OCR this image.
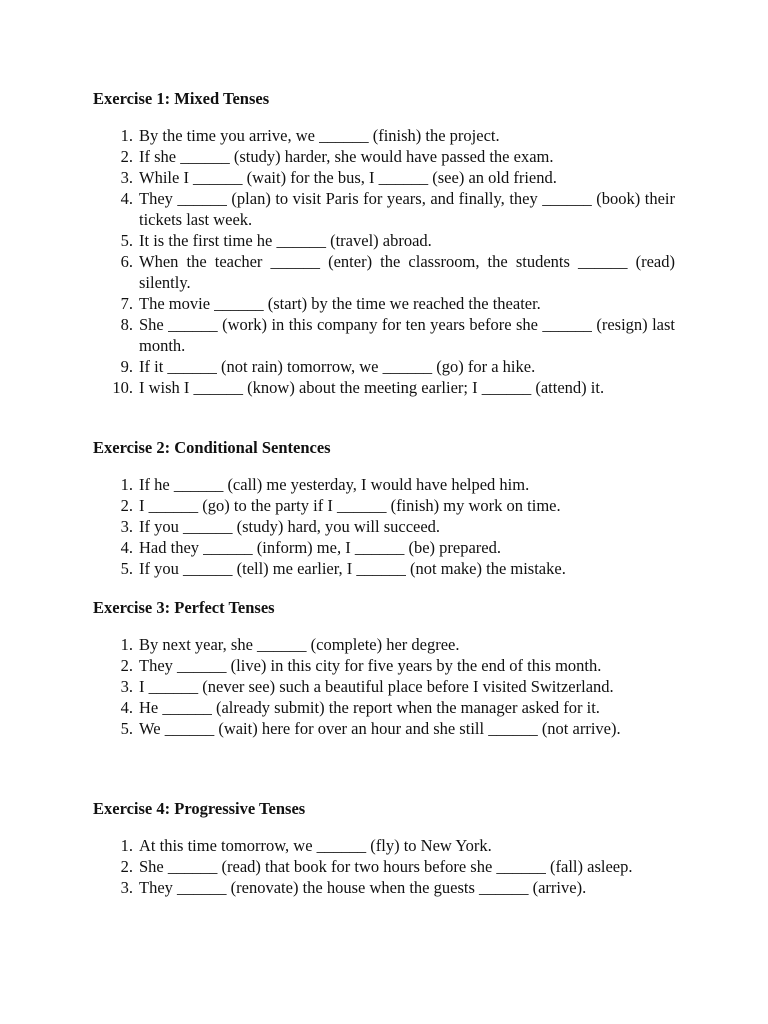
Exercise 1: Mixed Tenses
1. By the time you arrive, we ______ (finish) the project.
2. If she ______ (study) harder, she would have passed the exam.
3. While I ______ (wait) for the bus, I ______ (see) an old friend.
4. They ______ (plan) to visit Paris for years, and finally, they ______ (book) their tickets last week.
5. It is the first time he ______ (travel) abroad.
6. When the teacher ______ (enter) the classroom, the students ______ (read) silently.
7. The movie ______ (start) by the time we reached the theater.
8. She ______ (work) in this company for ten years before she ______ (resign) last month.
9. If it ______ (not rain) tomorrow, we ______ (go) for a hike.
10. I wish I ______ (know) about the meeting earlier; I ______ (attend) it.
Exercise 2: Conditional Sentences
1. If he ______ (call) me yesterday, I would have helped him.
2. I ______ (go) to the party if I ______ (finish) my work on time.
3. If you ______ (study) hard, you will succeed.
4. Had they ______ (inform) me, I ______ (be) prepared.
5. If you ______ (tell) me earlier, I ______ (not make) the mistake.
Exercise 3: Perfect Tenses
1. By next year, she ______ (complete) her degree.
2. They ______ (live) in this city for five years by the end of this month.
3. I ______ (never see) such a beautiful place before I visited Switzerland.
4. He ______ (already submit) the report when the manager asked for it.
5. We ______ (wait) here for over an hour and she still ______ (not arrive).
Exercise 4: Progressive Tenses
1. At this time tomorrow, we ______ (fly) to New York.
2. She ______ (read) that book for two hours before she ______ (fall) asleep.
3. They ______ (renovate) the house when the guests ______ (arrive).
